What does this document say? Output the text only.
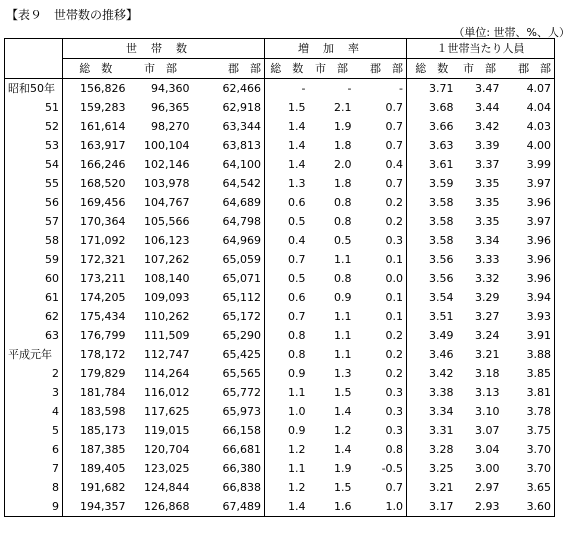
【表９　世帯数の推移】
（単位: 世帯、%、人）
	世帯数			増加率			１世帯当たり人員		
	総　数	市　部	郡　部	総　数	市　部	郡　部	総　数	市　部	郡　部
昭和50年	156,826	94,360	62,466	-	-	-	3.71	3.47	4.07
51	159,283	96,365	62,918	1.5	2.1	0.7	3.68	3.44	4.04
52	161,614	98,270	63,344	1.4	1.9	0.7	3.66	3.42	4.03
53	163,917	100,104	63,813	1.4	1.8	0.7	3.63	3.39	4.00
54	166,246	102,146	64,100	1.4	2.0	0.4	3.61	3.37	3.99
55	168,520	103,978	64,542	1.3	1.8	0.7	3.59	3.35	3.97
56	169,456	104,767	64,689	0.6	0.8	0.2	3.58	3.35	3.96
57	170,364	105,566	64,798	0.5	0.8	0.2	3.58	3.35	3.97
58	171,092	106,123	64,969	0.4	0.5	0.3	3.58	3.34	3.96
59	172,321	107,262	65,059	0.7	1.1	0.1	3.56	3.33	3.96
60	173,211	108,140	65,071	0.5	0.8	0.0	3.56	3.32	3.96
61	174,205	109,093	65,112	0.6	0.9	0.1	3.54	3.29	3.94
62	175,434	110,262	65,172	0.7	1.1	0.1	3.51	3.27	3.93
63	176,799	111,509	65,290	0.8	1.1	0.2	3.49	3.24	3.91
平成元年	178,172	112,747	65,425	0.8	1.1	0.2	3.46	3.21	3.88
2	179,829	114,264	65,565	0.9	1.3	0.2	3.42	3.18	3.85
3	181,784	116,012	65,772	1.1	1.5	0.3	3.38	3.13	3.81
4	183,598	117,625	65,973	1.0	1.4	0.3	3.34	3.10	3.78
5	185,173	119,015	66,158	0.9	1.2	0.3	3.31	3.07	3.75
6	187,385	120,704	66,681	1.2	1.4	0.8	3.28	3.04	3.70
7	189,405	123,025	66,380	1.1	1.9	-0.5	3.25	3.00	3.70
8	191,682	124,844	66,838	1.2	1.5	0.7	3.21	2.97	3.65
9	194,357	126,868	67,489	1.4	1.6	1.0	3.17	2.93	3.60
